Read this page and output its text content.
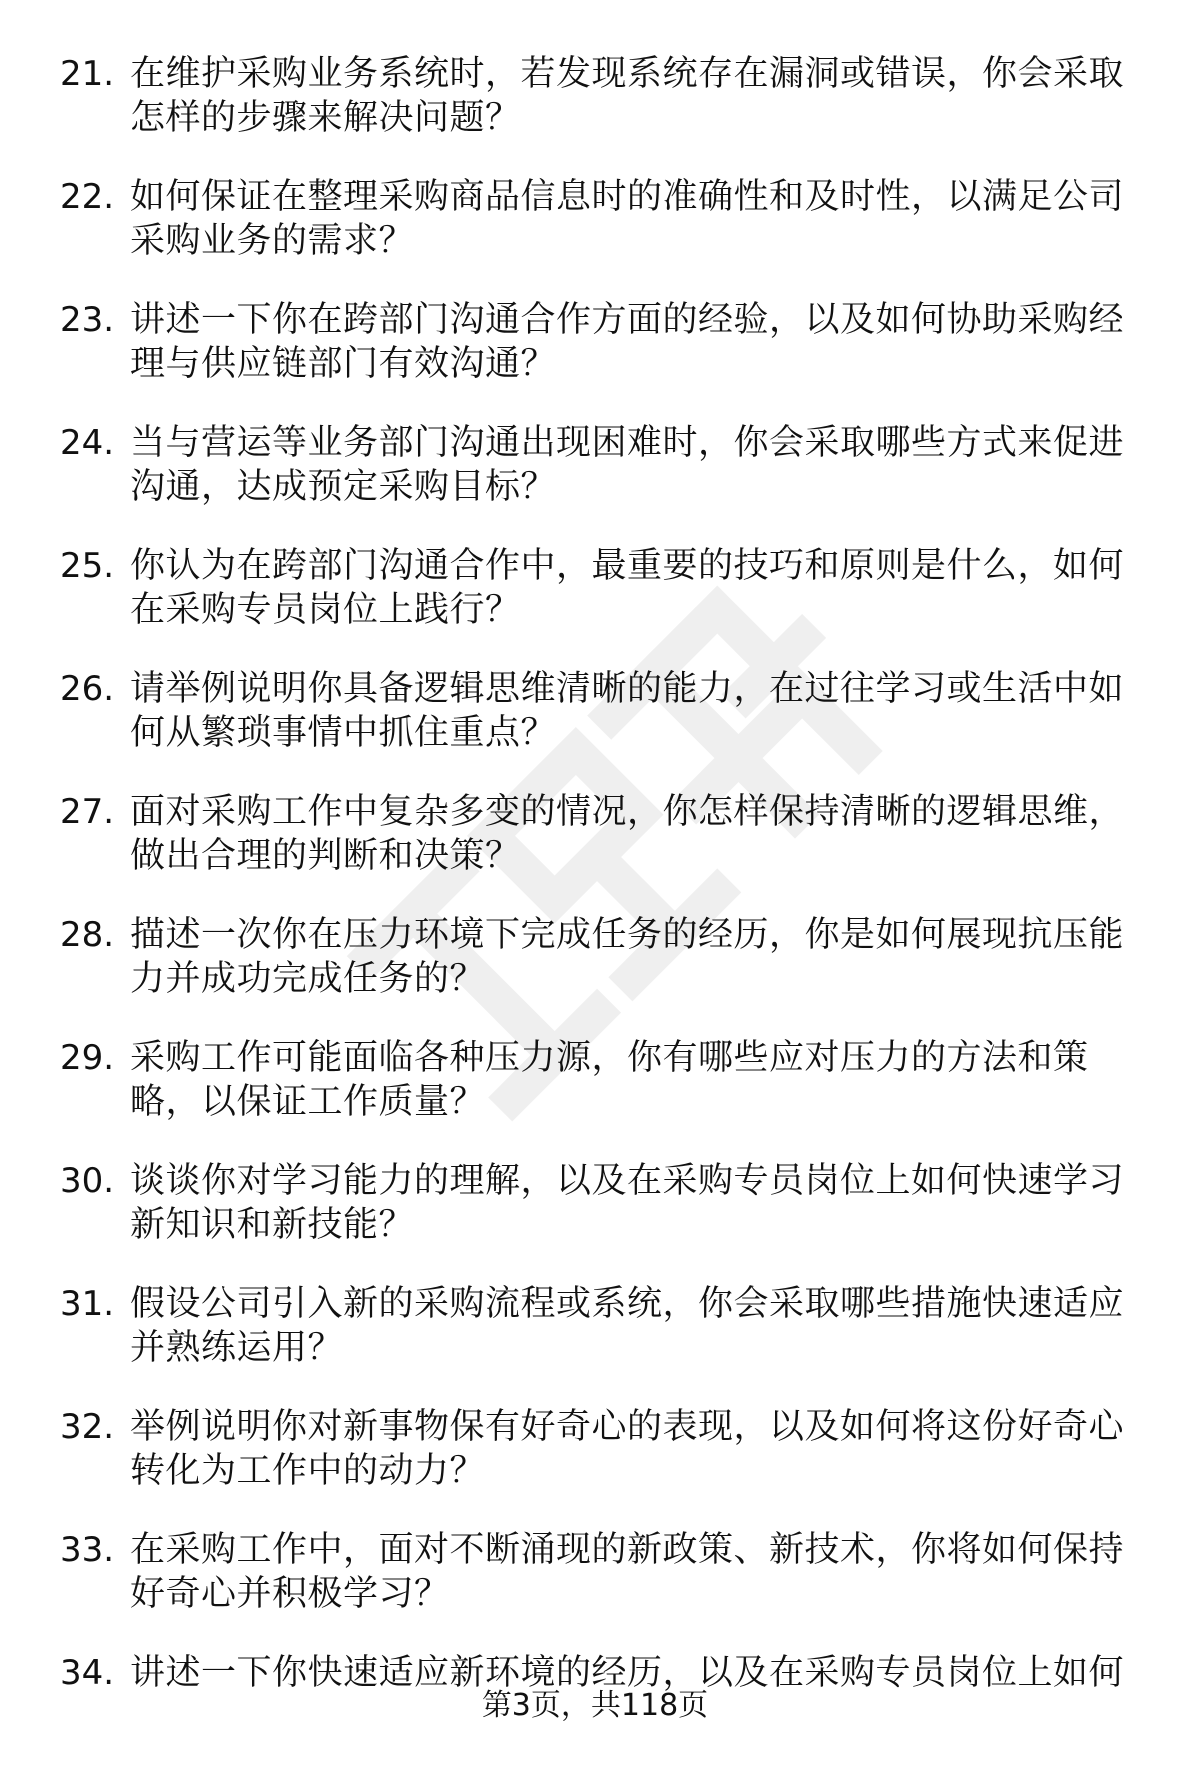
21. 在维护采购业务系统时，若发现系统存在漏洞或错误，你会采取怎样的步骤来解决问题？
22. 如何保证在整理采购商品信息时的准确性和及时性，以满足公司采购业务的需求？
23. 讲述一下你在跨部门沟通合作方面的经验，以及如何协助采购经理与供应链部门有效沟通？
24. 当与营运等业务部门沟通出现困难时，你会采取哪些方式来促进沟通，达成预定采购目标？
25. 你认为在跨部门沟通合作中，最重要的技巧和原则是什么，如何在采购专员岗位上践行？
26. 请举例说明你具备逻辑思维清晰的能力，在过往学习或生活中如何从繁琐事情中抓住重点？
27. 面对采购工作中复杂多变的情况，你怎样保持清晰的逻辑思维，做出合理的判断和决策？
28. 描述一次你在压力环境下完成任务的经历，你是如何展现抗压能力并成功完成任务的？
29. 采购工作可能面临各种压力源，你有哪些应对压力的方法和策略，以保证工作质量？
30. 谈谈你对学习能力的理解，以及在采购专员岗位上如何快速学习新知识和新技能？
31. 假设公司引入新的采购流程或系统，你会采取哪些措施快速适应并熟练运用？
32. 举例说明你对新事物保有好奇心的表现，以及如何将这份好奇心转化为工作中的动力？
33. 在采购工作中，面对不断涌现的新政策、新技术，你将如何保持好奇心并积极学习？
34. 讲述一下你快速适应新环境的经历，以及在采购专员岗位上如何
第3页，共118页
